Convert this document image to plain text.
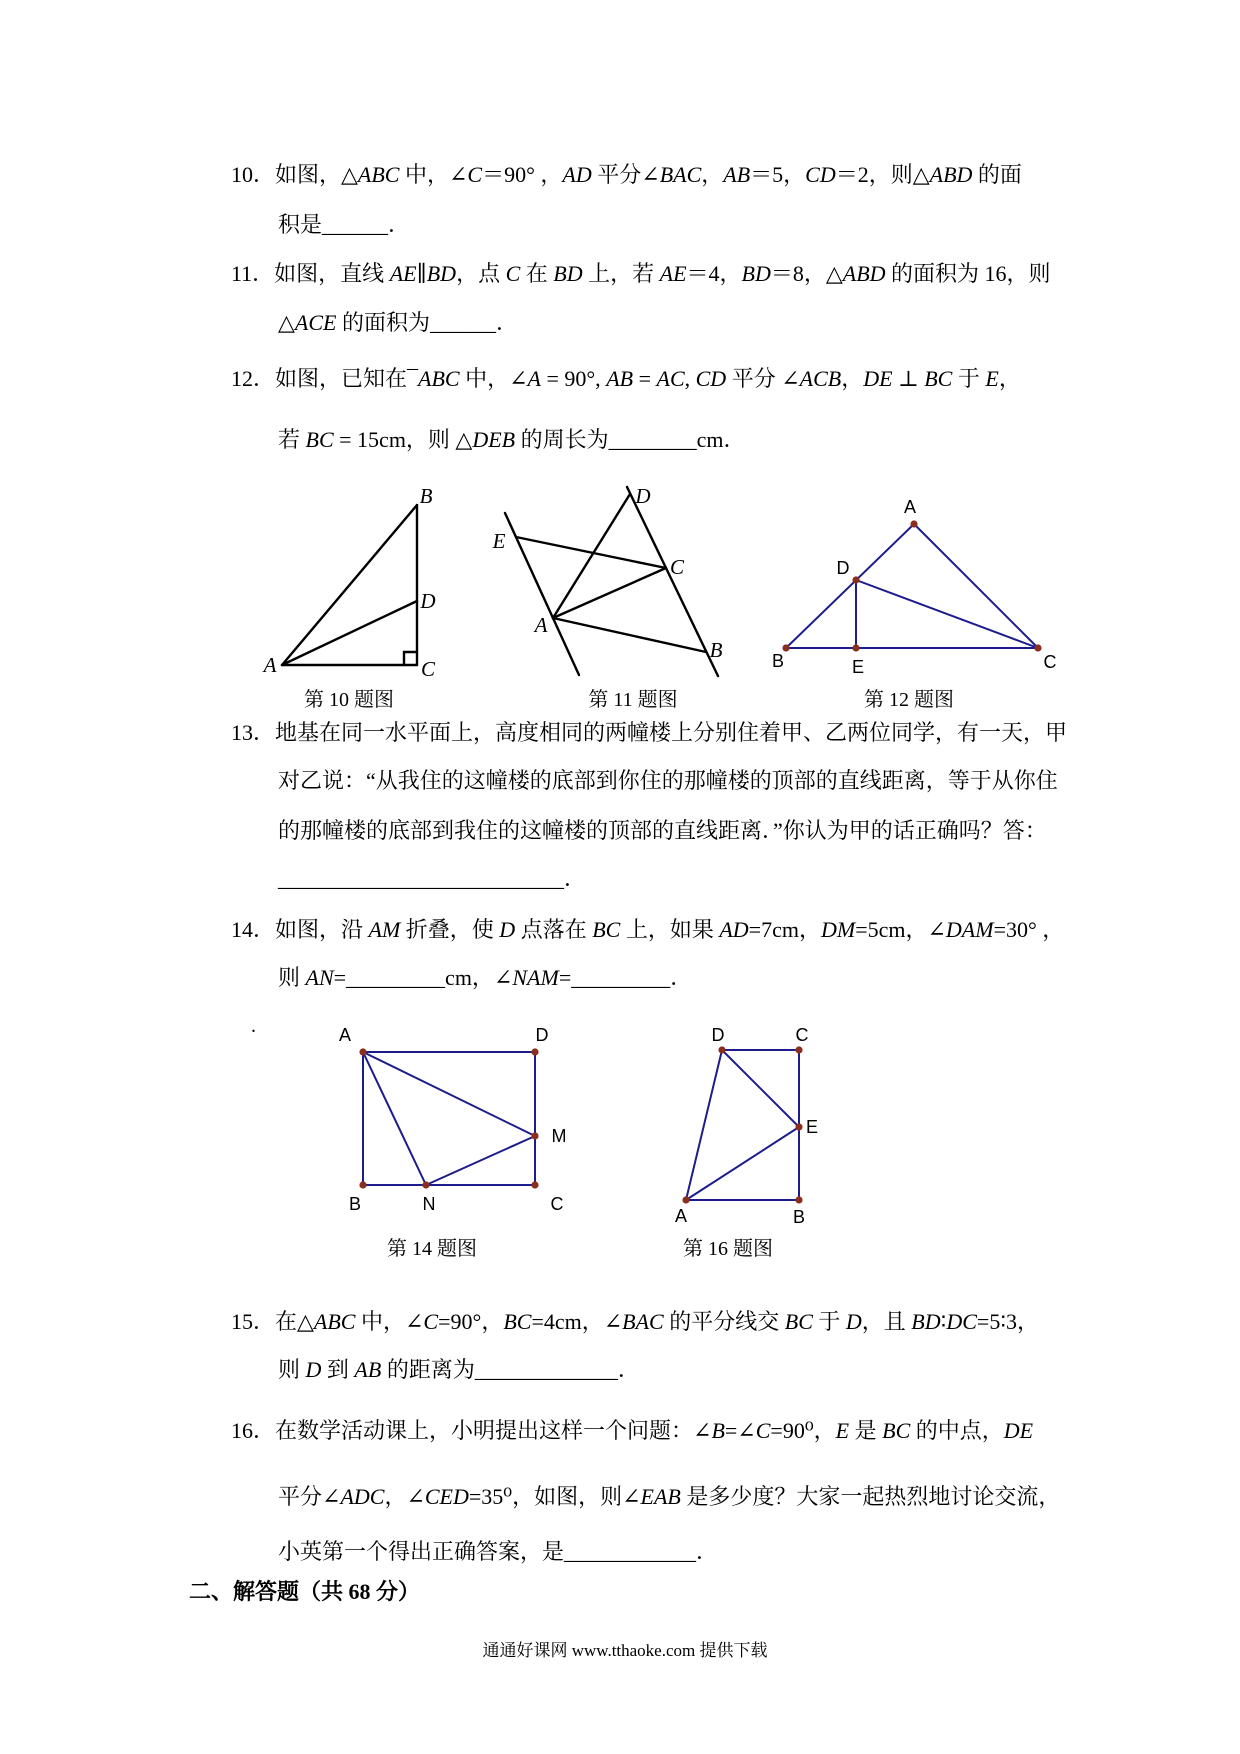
10．如图，△ABC 中，∠C＝90° ，AD 平分∠BAC，AB＝5，CD＝2，则△ABD 的面
积是______．
11．如图，直线 AE∥BD，点 C 在 BD 上，若 AE＝4，BD＝8，△ABD 的面积为 16，则
△ACE 的面积为______．
12．如图，已知在¯ABC 中，∠A = 90°, AB = AC, CD 平分 ∠ACB，DE ⊥ BC 于 E，
若 BC = 15cm，则 △DEB 的周长为________cm．
13．地基在同一水平面上，高度相同的两幢楼上分别住着甲、乙两位同学，有一天，甲
对乙说：“从我住的这幢楼的底部到你住的那幢楼的顶部的直线距离，等于从你住
的那幢楼的底部到我住的这幢楼的顶部的直线距离．”你认为甲的话正确吗？答：
__________________________．
14．如图，沿 AM 折叠，使 D 点落在 BC 上，如果 AD=7cm，DM=5cm，∠DAM=30° ，
则 AN=_________cm，∠NAM=_________．
.
15．在△ABC 中，∠C=90°，BC=4cm，∠BAC 的平分线交 BC 于 D，且 BD∶DC=5∶3，
则 D 到 AB 的距离为_____________．
16．在数学活动课上，小明提出这样一个问题：∠B=∠C=90⁰，E 是 BC 的中点，DE
平分∠ADC，∠CED=35⁰，如图，则∠EAB 是多少度？大家一起热烈地讨论交流，
小英第一个得出正确答案，是____________．
二、解答题（共 68 分）
通通好课网 www.tthaoke.com 提供下载
A
B
C
D
第 10 题图
A
B
C
D
E
第 11 题图
A
B	C
D
E
第 12 题图
A
B	C
D
M
N
第 14 题图
A	B
C
D
E
第 16 题图
